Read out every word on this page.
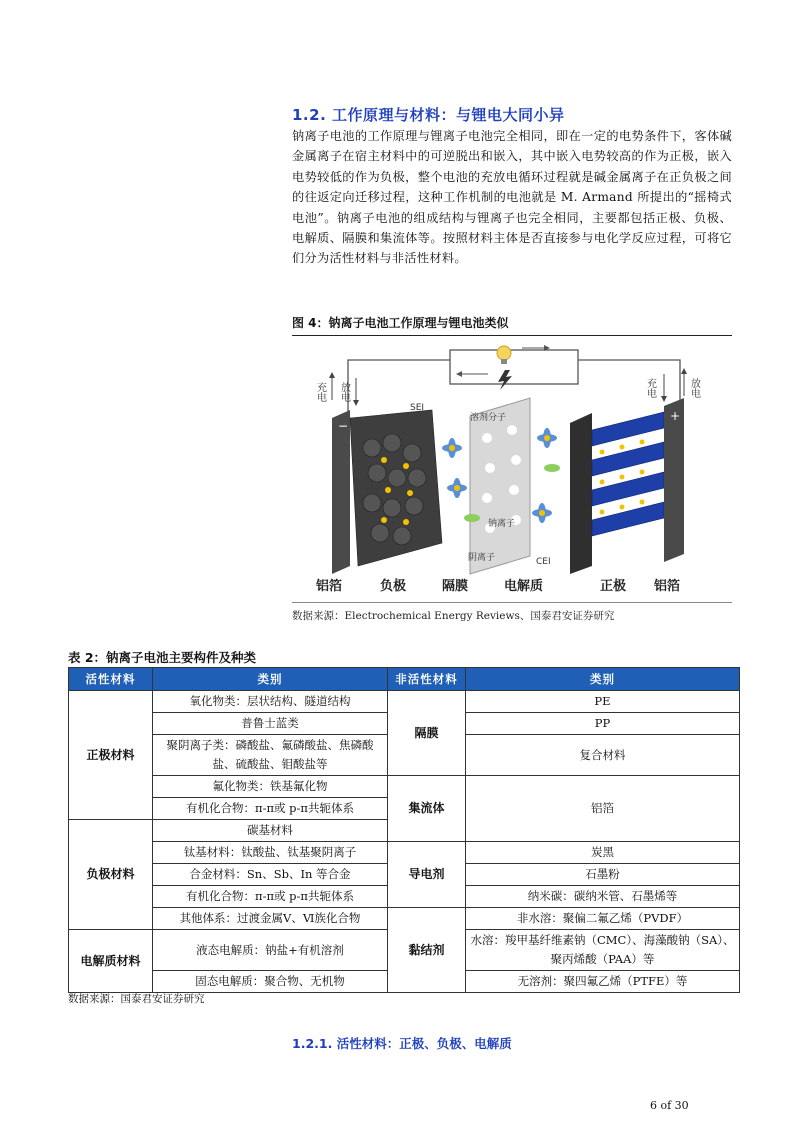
1.2. 工作原理与材料：与锂电大同小异
钠离子电池的工作原理与锂离子电池完全相同，即在一定的电势条件下，客体碱金属离子在宿主材料中的可逆脱出和嵌入，其中嵌入电势较高的作为正极，嵌入电势较低的作为负极，整个电池的充放电循环过程就是碱金属离子在正负极之间的往返定向迁移过程，这种工作机制的电池就是 M. Armand 所提出的“摇椅式电池”。钠离子电池的组成结构与锂离子也完全相同，主要都包括正极、负极、电解质、隔膜和集流体等。按照材料主体是否直接参与电化学反应过程，可将它们分为活性材料与非活性材料。
图 4：钠离子电池工作原理与锂电池类似
充电 放电	充电	放电
−
SEI
溶剂分子
钠离子
阴离子	CEI
+
铝箔	负极	隔膜	电解质	正极 铝箔
数据来源：Electrochemical Energy Reviews、国泰君安证券研究
表 2：钠离子电池主要构件及种类
活性材料	类别	非活性材料	类别
正极材料	氧化物类：层状结构、隧道结构	隔膜	PE
	普鲁士蓝类		PP
	聚阴离子类：磷酸盐、氟磷酸盐、焦磷酸盐、硫酸盐、钼酸盐等		复合材料
	氟化物类：铁基氟化物	集流体	铝箔
	有机化合物：π-π或 p-π共轭体系		
负极材料	碳基材料		
	钛基材料：钛酸盐、钛基聚阴离子	导电剂	炭黑
	合金材料：Sn、Sb、In 等合金		石墨粉
	有机化合物：π-π或 p-π共轭体系		纳米碳：碳纳米管、石墨烯等
	其他体系：过渡金属Ⅴ、Ⅵ族化合物	黏结剂	非水溶：聚偏二氟乙烯（PVDF）
电解质材料	液态电解质：钠盐+有机溶剂		水溶：羧甲基纤维素钠（CMC）、海藻酸钠（SA）、聚丙烯酸（PAA）等
	固态电解质：聚合物、无机物		无溶剂：聚四氟乙烯（PTFE）等
数据来源：国泰君安证券研究
1.2.1. 活性材料：正极、负极、电解质
6 of 30
